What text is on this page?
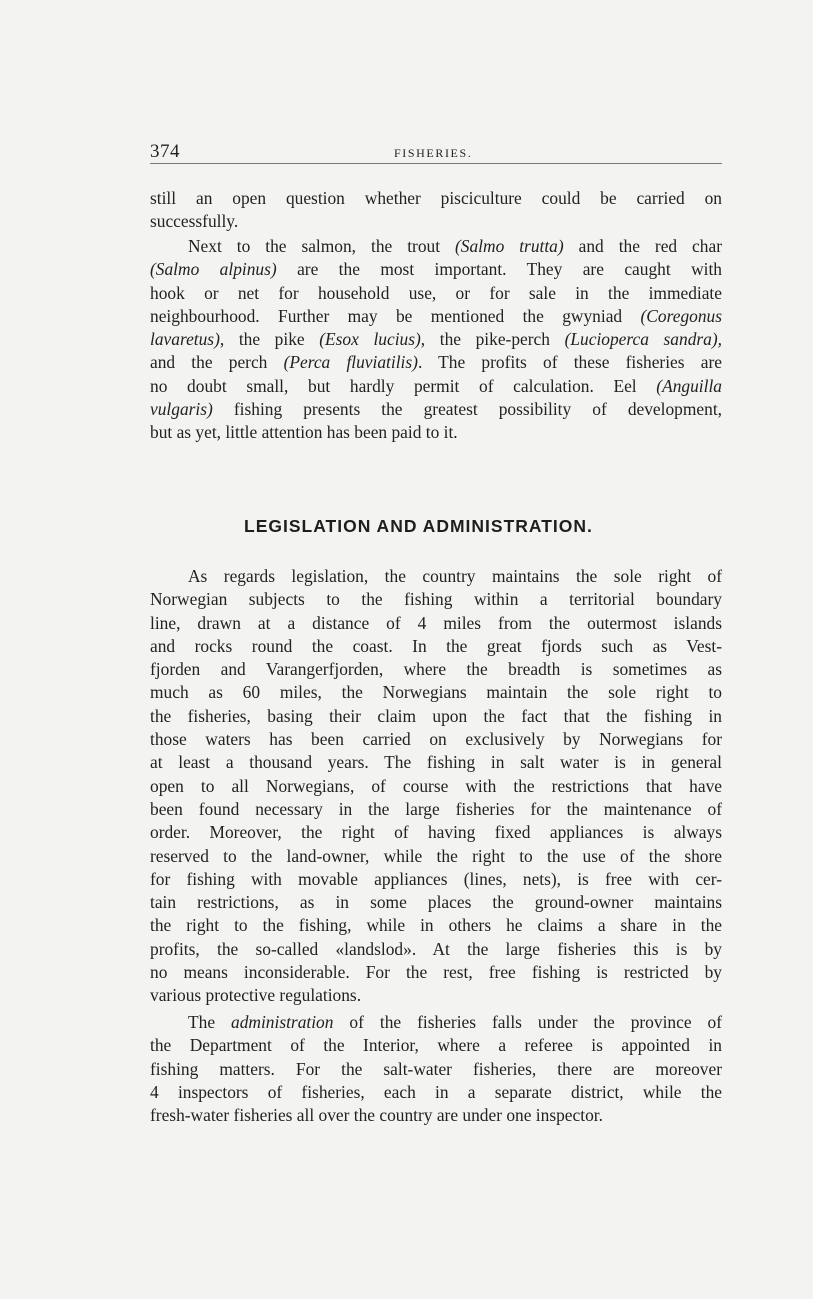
374	FISHERIES.
still an open question whether pisciculture could be carried on
successfully.
Next to the salmon, the trout (Salmo trutta) and the red char
(Salmo alpinus) are the most important. They are caught with
hook or net for household use, or for sale in the immediate
neighbourhood. Further may be mentioned the gwyniad (Coregonus
lavaretus), the pike (Esox lucius), the pike-perch (Lucioperca sandra),
and the perch (Perca fluviatilis). The profits of these fisheries are
no doubt small, but hardly permit of calculation. Eel (Anguilla
vulgaris) fishing presents the greatest possibility of development,
but as yet, little attention has been paid to it.
LEGISLATION AND ADMINISTRATION.
As regards legislation, the country maintains the sole right of
Norwegian subjects to the fishing within a territorial boundary
line, drawn at a distance of 4 miles from the outermost islands
and rocks round the coast. In the great fjords such as Vest-
fjorden and Varangerfjorden, where the breadth is sometimes as
much as 60 miles, the Norwegians maintain the sole right to
the fisheries, basing their claim upon the fact that the fishing in
those waters has been carried on exclusively by Norwegians for
at least a thousand years. The fishing in salt water is in general
open to all Norwegians, of course with the restrictions that have
been found necessary in the large fisheries for the maintenance of
order. Moreover, the right of having fixed appliances is always
reserved to the land-owner, while the right to the use of the shore
for fishing with movable appliances (lines, nets), is free with cer-
tain restrictions, as in some places the ground-owner maintains
the right to the fishing, while in others he claims a share in the
profits, the so-called «landslod». At the large fisheries this is by
no means inconsiderable. For the rest, free fishing is restricted by
various protective regulations.
The administration of the fisheries falls under the province of
the Department of the Interior, where a referee is appointed in
fishing matters. For the salt-water fisheries, there are moreover
4 inspectors of fisheries, each in a separate district, while the
fresh-water fisheries all over the country are under one inspector.
